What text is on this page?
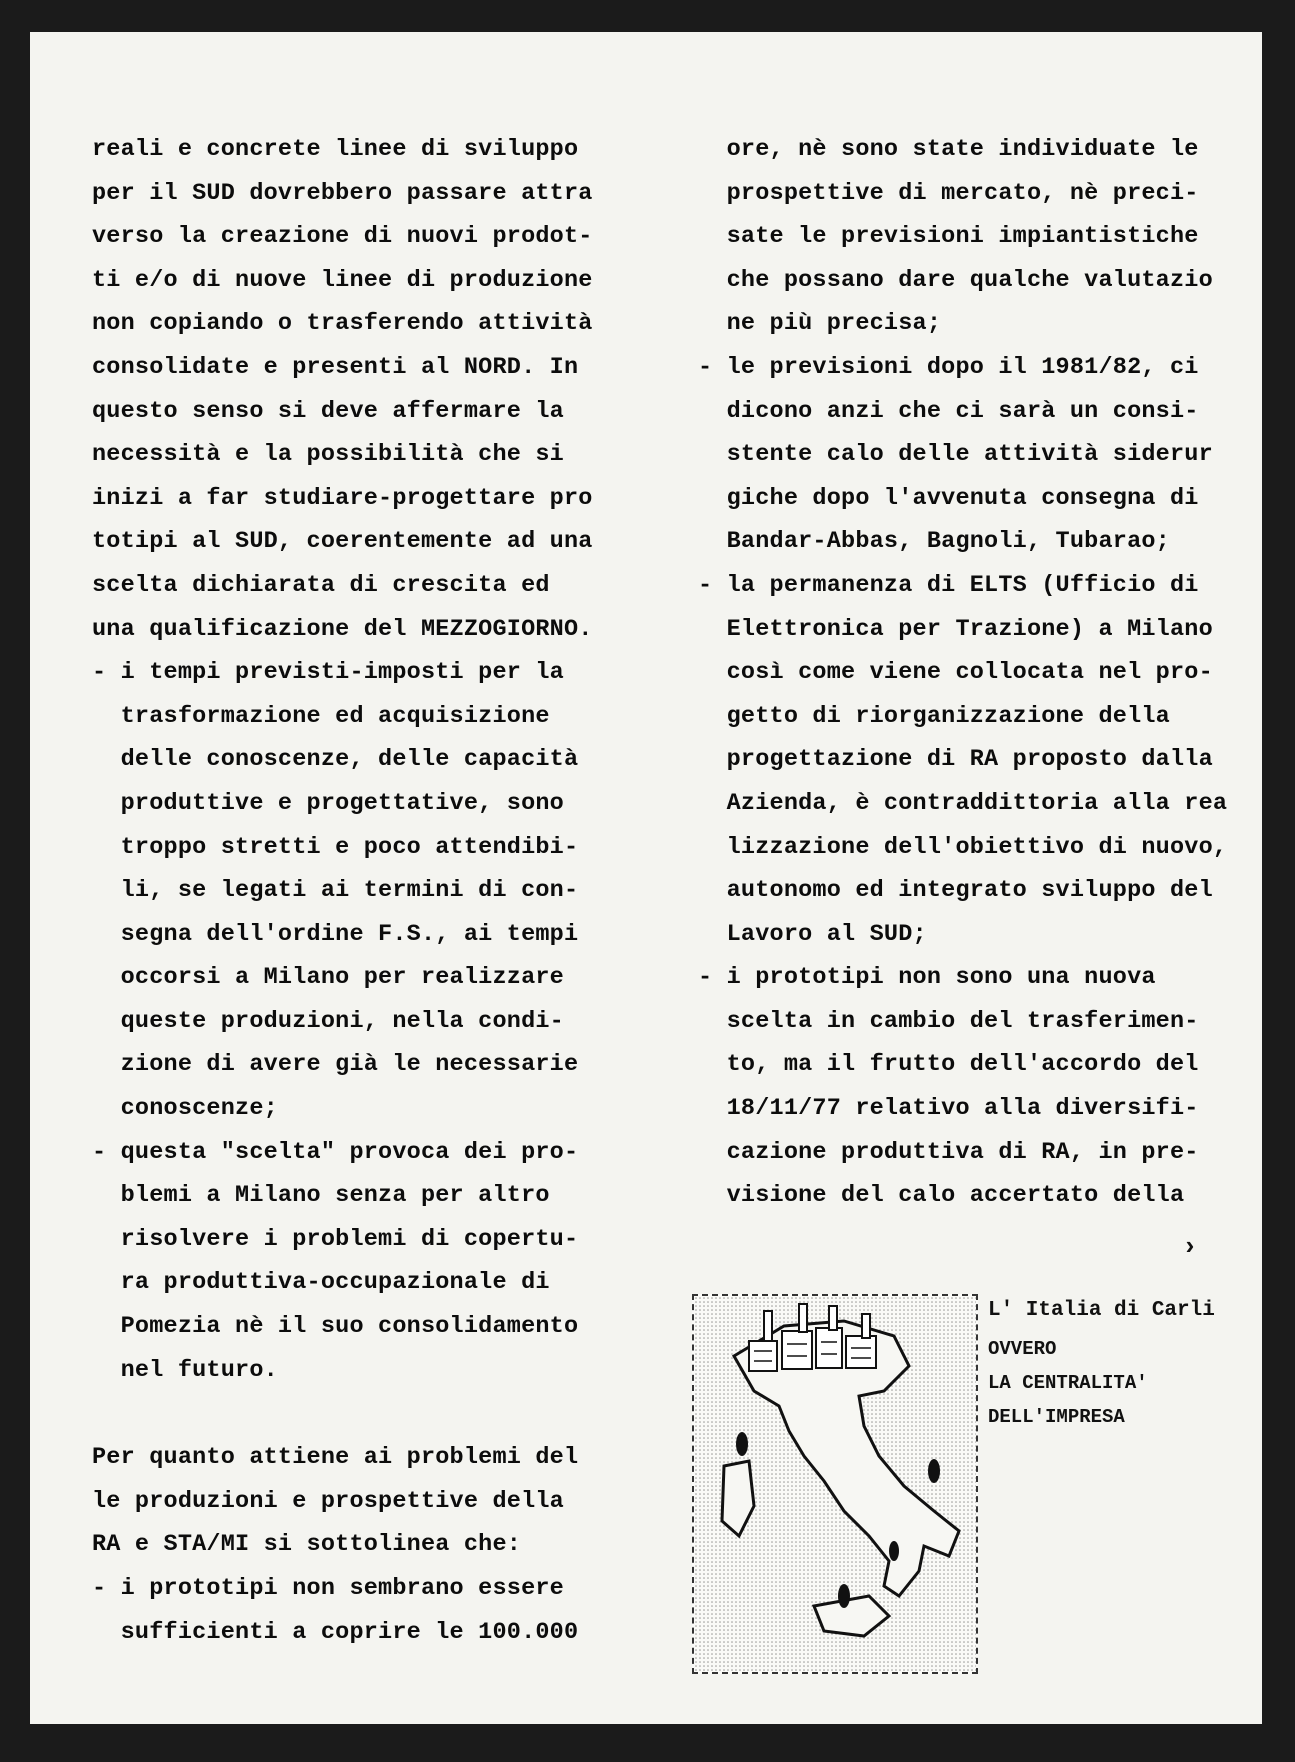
reali e concrete linee di sviluppo
per il SUD dovrebbero passare attra
verso la creazione di nuovi prodot-
ti e/o di nuove linee di produzione
non copiando o trasferendo attività
consolidate e presenti al NORD. In
questo senso si deve affermare la
necessità e la possibilità che si
inizi a far studiare-progettare pro
totipi al SUD, coerentemente ad una
scelta dichiarata di crescita ed
una qualificazione del MEZZOGIORNO.
- i tempi previsti-imposti per la
trasformazione ed acquisizione
delle conoscenze, delle capacità
produttive e progettative, sono
troppo stretti e poco attendibi-
li, se legati ai termini di con-
segna dell'ordine F.S., ai tempi
occorsi a Milano per realizzare
queste produzioni, nella condi-
zione di avere già le necessarie
conoscenze;
- questa "scelta" provoca dei pro-
blemi a Milano senza per altro
risolvere i problemi di copertu-
ra produttiva-occupazionale di
Pomezia nè il suo consolidamento
nel futuro.
Per quanto attiene ai problemi del
le produzioni e prospettive della
RA e STA/MI si sottolinea che:
- i prototipi non sembrano essere
sufficienti a coprire le 100.000
ore, nè sono state individuate le
prospettive di mercato, nè preci-
sate le previsioni impiantistiche
che possano dare qualche valutazio
ne più precisa;
- le previsioni dopo il 1981/82, ci
dicono anzi che ci sarà un consi-
stente calo delle attività siderur
giche dopo l'avvenuta consegna di
Bandar-Abbas, Bagnoli, Tubarao;
- la permanenza di ELTS (Ufficio di
Elettronica per Trazione) a Milano
così come viene collocata nel pro-
getto di riorganizzazione della
progettazione di RA proposto dalla
Azienda, è contraddittoria alla rea
lizzazione dell'obiettivo di nuovo,
autonomo ed integrato sviluppo del
Lavoro al SUD;
- i prototipi non sono una nuova
scelta in cambio del trasferimen-
to, ma il frutto dell'accordo del
18/11/77 relativo alla diversifi-
cazione produttiva di RA, in pre-
visione del calo accertato della
›
L' Italia di Carli
OVVERO
LA CENTRALITA'
DELL'IMPRESA
